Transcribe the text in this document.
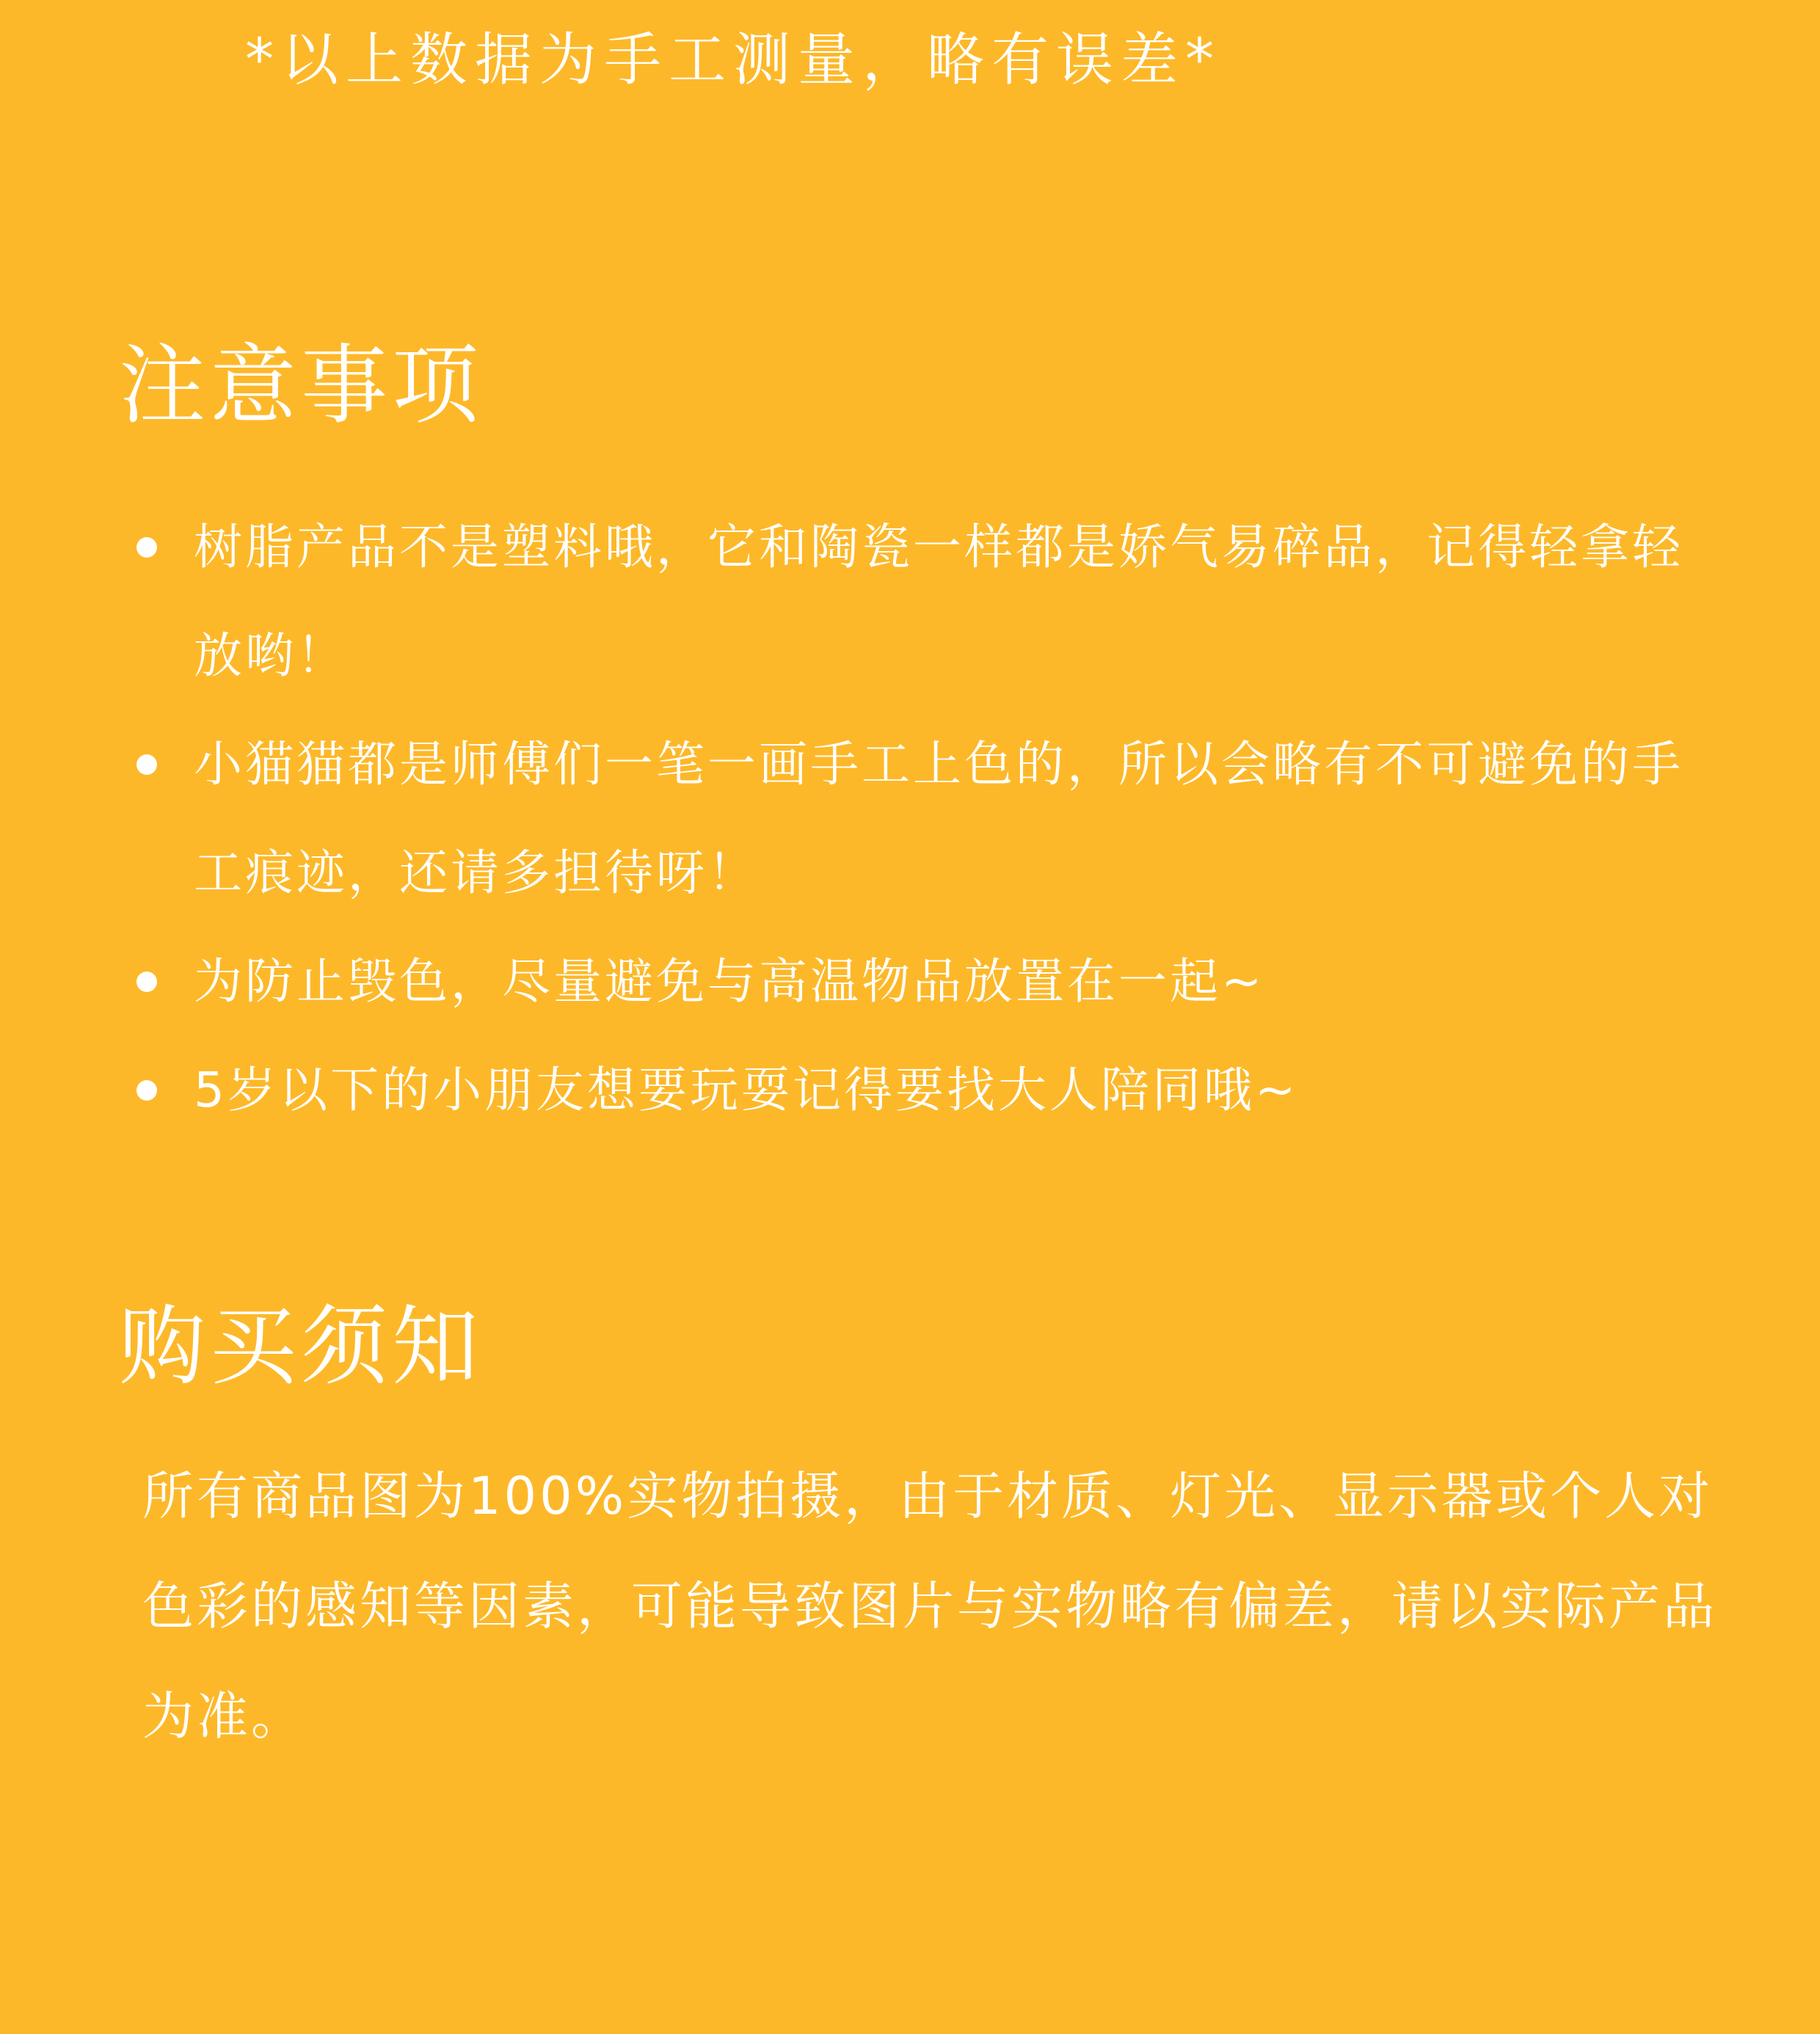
*以上数据为手工测量，略有误差*
注意事项
树脂产品不是塑料哦，它和陶瓷一样都是娇气易碎品，记得轻拿轻放哟！
小猫猫都是师傅们一笔一画手工上色的，所以会略有不可避免的手工痕迹，还请多担待呀！
为防止毁色，尽量避免与高温物品放置在一起~
5岁以下的小朋友想要玩耍记得要找大人陪同哦~
购买须知

所有商品图为100%实物拍摄，由于材质、灯光、显示器或个人对色彩的感知等因素，可能导致图片与实物略有偏差，请以实际产品为准。
